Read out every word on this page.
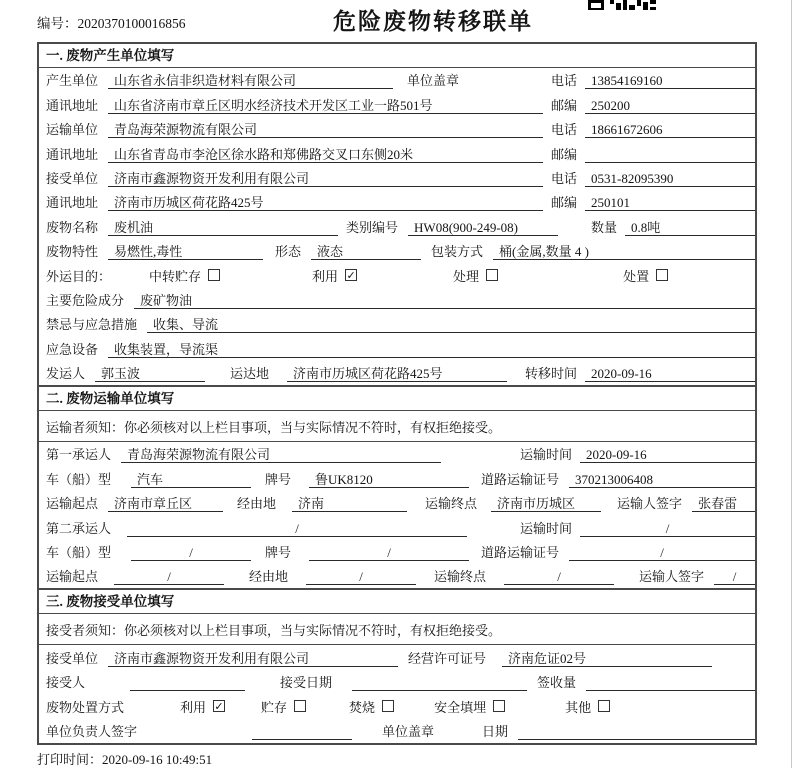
编号：2020370100016856	危险废物转移联单
一. 废物产生单位填写
产生单位	山东省永信非织造材料有限公司	单位盖章	电话	13854169160
通讯地址	山东省济南市章丘区明水经济技术开发区工业一路501号	邮编	250200
运输单位	青岛海荣源物流有限公司	电话	18661672606
通讯地址	山东省青岛市李沧区徐水路和郑佛路交叉口东侧20米	邮编
接受单位	济南市鑫源物资开发利用有限公司	电话	0531-82095390
通讯地址	济南市历城区荷花路425号	邮编	250101
废物名称	废机油	类别编号	HW08(900-249-08)	数量	0.8吨
废物特性	易燃性,毒性	形态	液态	包装方式	桶(金属,数量 4 )
外运目的：	中转贮存	利用 ✓	处理	处置
主要危险成分	废矿物油
禁忌与应急措施	收集、导流
应急设备	收集装置，导流渠
发运人	郭玉波	运达地	济南市历城区荷花路425号	转移时间	2020-09-16
二. 废物运输单位填写
运输者须知：你必须核对以上栏目事项，当与实际情况不符时，有权拒绝接受。
第一承运人	青岛海荣源物流有限公司	运输时间	2020-09-16
车（船）型	汽车	牌号	鲁UK8120	道路运输证号	370213006408
运输起点	济南市章丘区	经由地	济南	运输终点	济南市历城区	运输人签字	张春雷
第二承运人	/	运输时间	/
车（船）型	/	牌号	/	道路运输证号	/
运输起点	/	经由地	/	运输终点	/	运输人签字	/
三. 废物接受单位填写
接受者须知：你必须核对以上栏目事项，当与实际情况不符时，有权拒绝接受。
接受单位	济南市鑫源物资开发利用有限公司	经营许可证号	济南危证02号
接受人	接受日期	签收量
废物处置方式	利用 ✓	贮存	焚烧	安全填埋	其他
单位负责人签字	单位盖章	日期
打印时间：2020-09-16 10:49:51
